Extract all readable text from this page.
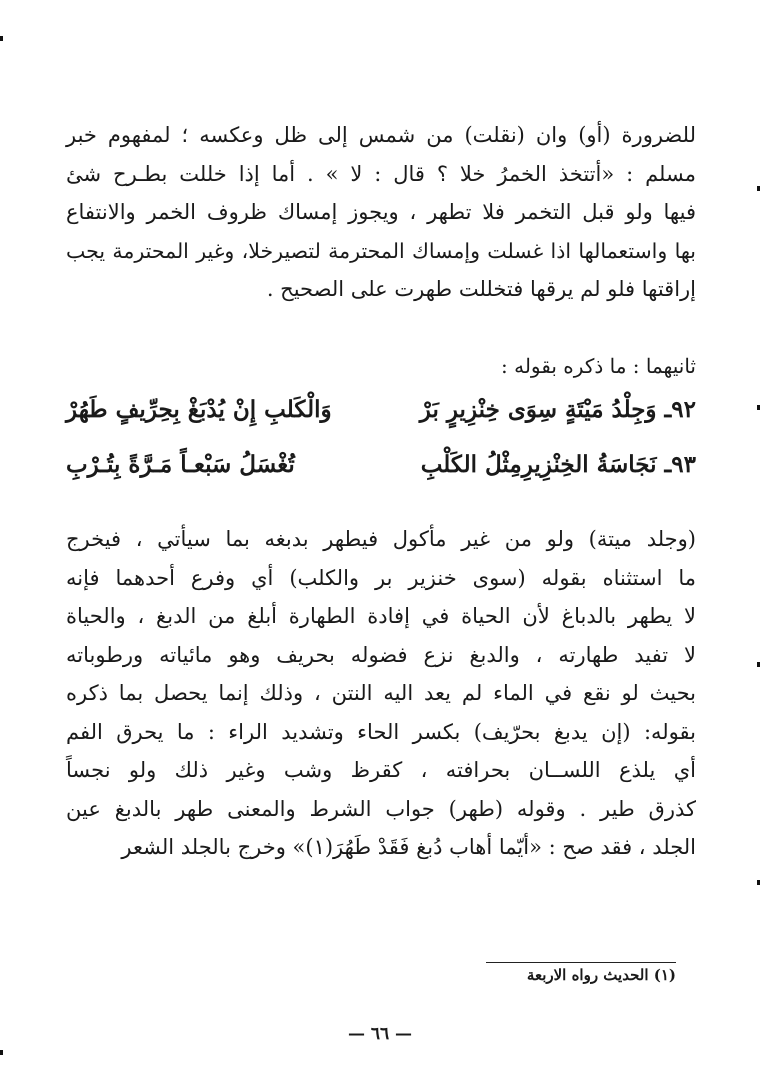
للضرورة (أو) وان (نقلت) من شمس إلى ظل وعكسه ؛ لمفهوم خبر
مسلم : «أتتخذ الخمرُ خلا ؟ قال : لا » . أما إذا خللت بطـرح شئ
فيها ولو قبل التخمر فلا تطهر ، ويجوز إمساك ظروف الخمر والانتفاع
بها واستعمالها اذا غسلت وإمساك المحترمة لتصيرخلا، وغير المحترمة يجب
إراقتها فلو لم يرقها فتخللت طهرت على الصحيح .
ثانيهما : ما ذكره بقوله :
٩٢ـ وَجِلْدُ مَيْتَةٍ سِوَى خِنْزِيرٍ بَرْ
وَالْكَلبِ إِنْ يُدْبَغْ بِحِرِّيفٍ طَهُرْ
٩٣ـ نَجَاسَةُ الخِنْزِيرِمِثْلُ الكَلْبِ
تُغْسَلُ سَبْعـاً مَـرَّةً بِتُـرْبِ
(وجلد ميتة) ولو من غير مأكول فيطهر بدبغه بما سيأتي ، فيخرج
ما استثناه بقوله (سوى خنزير بر والكلب) أي وفرع أحدهما فإنه
لا يطهر بالدباغ لأن الحياة في إفادة الطهارة أبلغ من الدبغ ، والحياة
لا تفيد طهارته ، والدبغ نزع فضوله بحريف وهو مائياته ورطوباته
بحيث لو نقع في الماء لم يعد اليه النتن ، وذلك إنما يحصل بما ذكره
بقوله: (إن يدبغ بحرّيف) بكسر الحاء وتشديد الراء : ما يحرق الفم
أي يلذع اللســان بحرافته ، كقرظ وشب وغير ذلك ولو نجساً
كذرق طير . وقوله (طهر) جواب الشرط والمعنى طهر بالدبغ عين
الجلد ، فقد صح : «أيّما أهاب دُبغ فَقَدْ طَهُرَ(١)» وخرج بالجلد الشعر
(١) الحديث رواه الاربعة
— ٦٦ —
